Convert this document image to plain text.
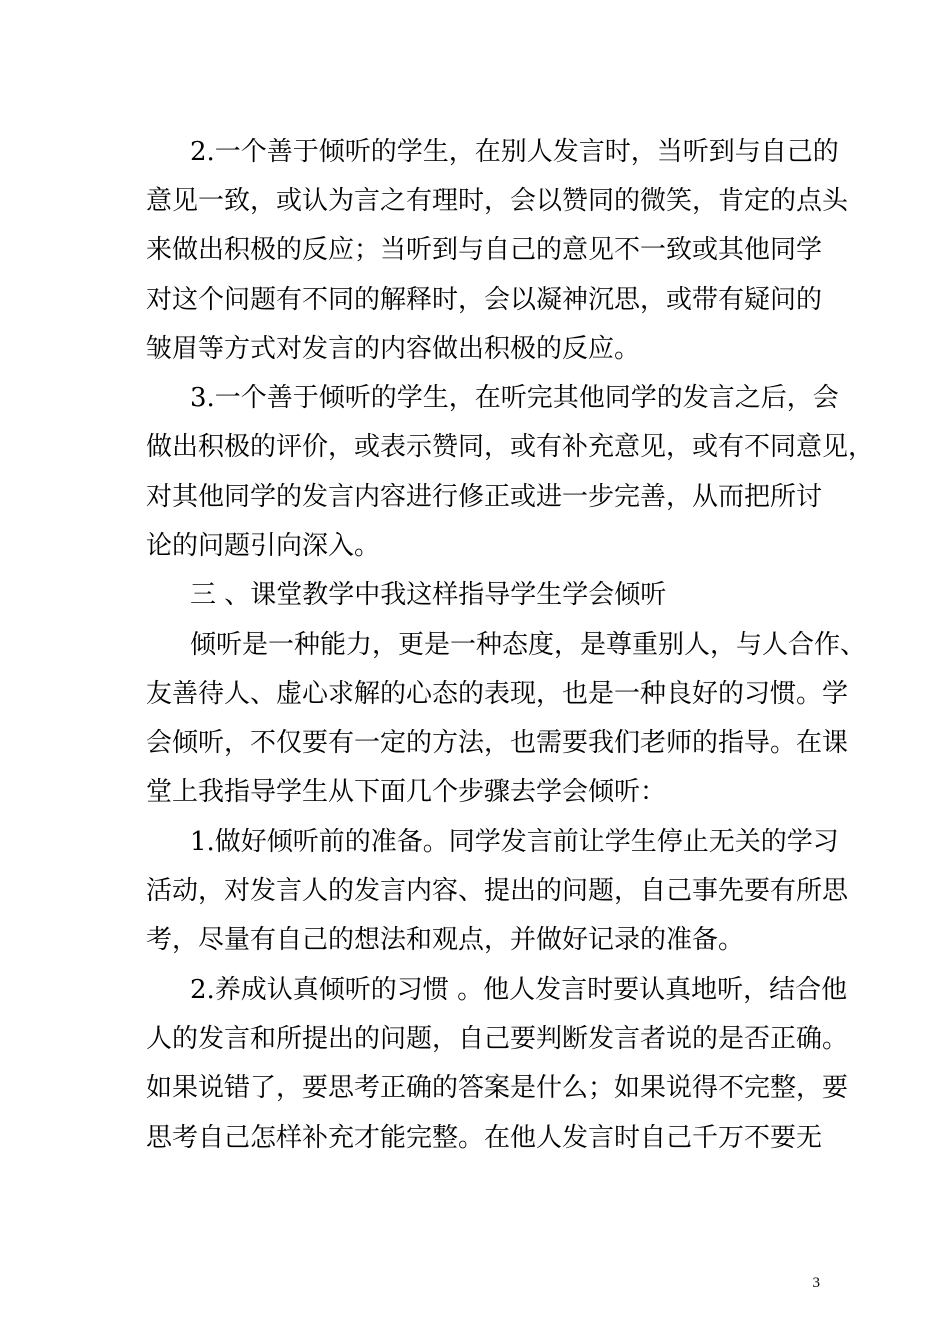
2.一个善于倾听的学生，在别人发言时，当听到与自己的
意见一致，或认为言之有理时，会以赞同的微笑，肯定的点头
来做出积极的反应；当听到与自己的意见不一致或其他同学
对这个问题有不同的解释时，会以凝神沉思，或带有疑问的
皱眉等方式对发言的内容做出积极的反应。
3.一个善于倾听的学生，在听完其他同学的发言之后，会
做出积极的评价，或表示赞同，或有补充意见，或有不同意见，
对其他同学的发言内容进行修正或进一步完善，从而把所讨
论的问题引向深入。
三 、课堂教学中我这样指导学生学会倾听
倾听是一种能力，更是一种态度，是尊重别人，与人合作、
友善待人、虚心求解的心态的表现，也是一种良好的习惯。学
会倾听，不仅要有一定的方法，也需要我们老师的指导。在课
堂上我指导学生从下面几个步骤去学会倾听：
1.做好倾听前的准备。同学发言前让学生停止无关的学习
活动，对发言人的发言内容、提出的问题，自己事先要有所思
考，尽量有自己的想法和观点，并做好记录的准备。
2.养成认真倾听的习惯 。他人发言时要认真地听，结合他
人的发言和所提出的问题，自己要判断发言者说的是否正确。
如果说错了，要思考正确的答案是什么；如果说得不完整，要
思考自己怎样补充才能完整。在他人发言时自己千万不要无
3
